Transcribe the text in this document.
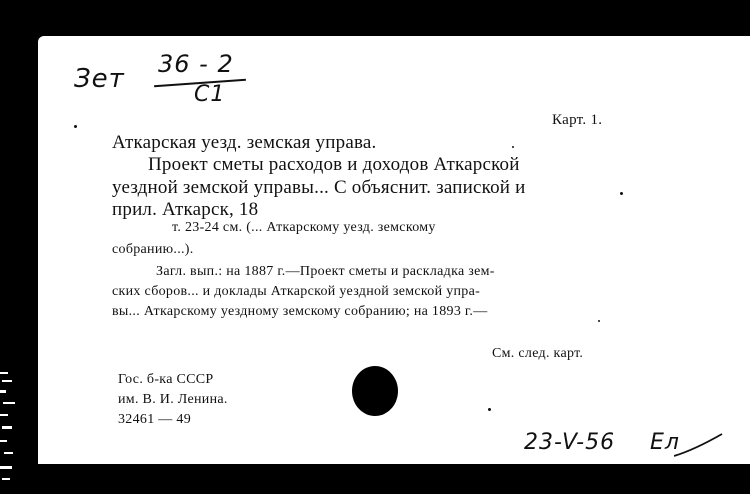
Зет 36 - 2
С1
Карт. 1.
Аткарская уезд. земская управа.
Проект сметы расходов и доходов Аткарской
уездной земской управы... С объяснит. запиской и
прил. Аткарск, 18
т. 23-24 см. (... Аткарскому уезд. земскому
собранию...).
Загл. вып.: на 1887 г.—Проект сметы и раскладка зем-
ских сборов... и доклады Аткарской уездной земской упра-
вы... Аткарскому уездному земскому собранию; на 1893 г.—
См. след. карт.
Гос. б-ка СССР
им. В. И. Ленина.
32461 — 49
23-V-56 Ел
